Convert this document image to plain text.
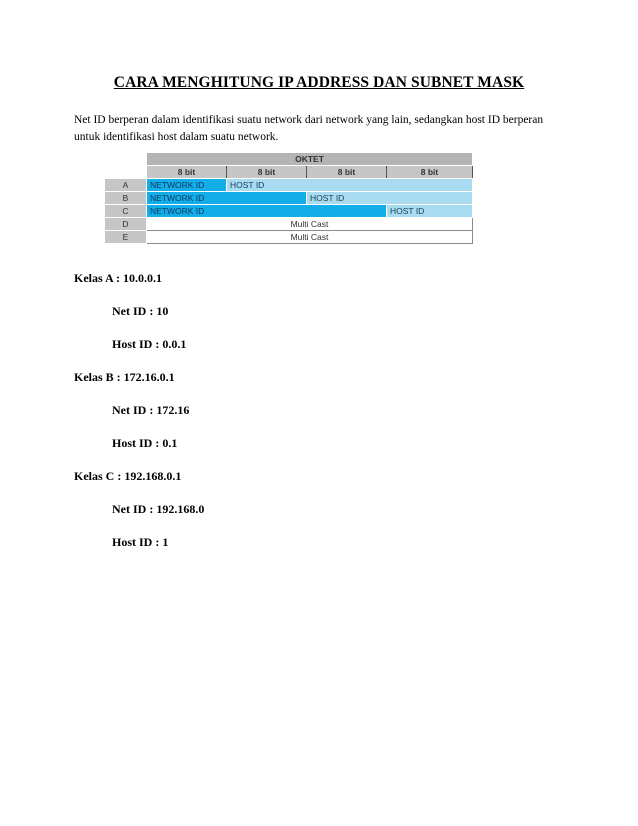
CARA MENGHITUNG IP ADDRESS DAN SUBNET MASK
Net ID berperan dalam identifikasi suatu network dari network yang lain, sedangkan host ID berperan untuk identifikasi host dalam suatu network.
	OKTET			
	8 bit	8 bit	8 bit	8 bit
A	NETWORK ID	HOST ID		
B	NETWORK ID		HOST ID	
C	NETWORK ID			HOST ID
D	Multi Cast			
E	Multi Cast			
Kelas A : 10.0.0.1
Net ID : 10
Host ID : 0.0.1
Kelas B : 172.16.0.1
Net ID : 172.16
Host ID : 0.1
Kelas C : 192.168.0.1
Net ID : 192.168.0
Host ID : 1
